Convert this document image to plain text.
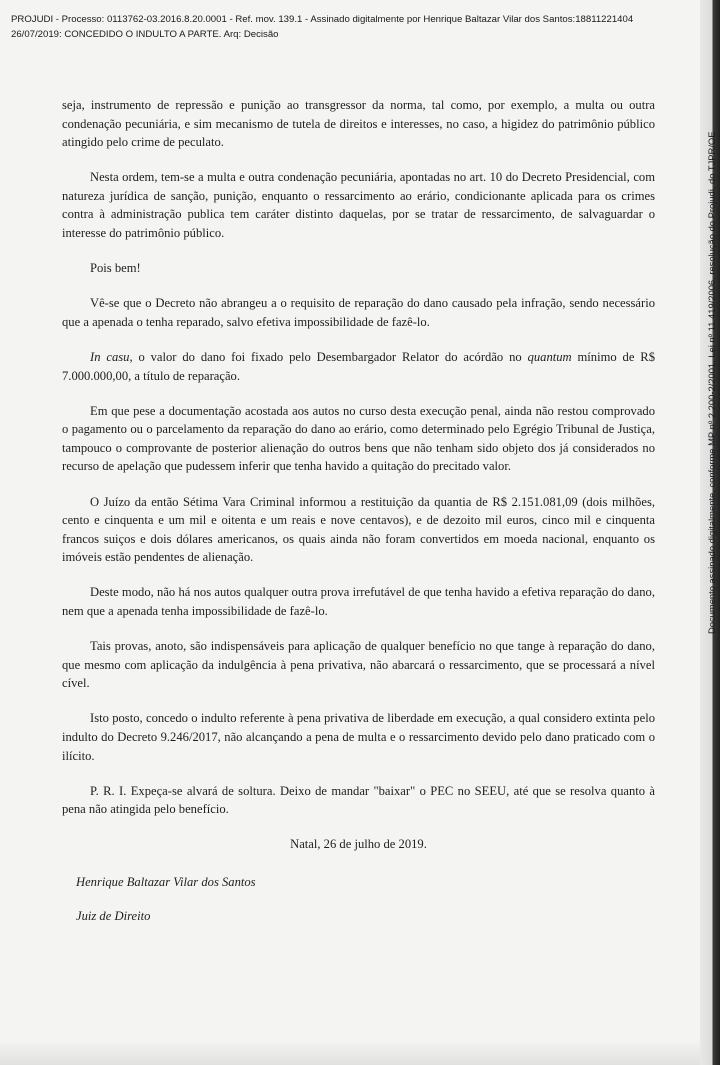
PROJUDI - Processo: 0113762-03.2016.8.20.0001 - Ref. mov. 139.1 - Assinado digitalmente por Henrique Baltazar Vilar dos Santos:18811221404
26/07/2019: CONCEDIDO O INDULTO A PARTE. Arq: Decisão

seja, instrumento de repressão e punição ao transgressor da norma, tal como, por exemplo, a multa ou outra condenação pecuniária, e sim mecanismo de tutela de direitos e interesses, no caso, a higidez do patrimônio público atingido pelo crime de peculato.

Nesta ordem, tem-se a multa e outra condenação pecuniária, apontadas no art. 10 do Decreto Presidencial, com natureza jurídica de sanção, punição, enquanto o ressarcimento ao erário, condicionante aplicada para os crimes contra à administração publica tem caráter distinto daquelas, por se tratar de ressarcimento, de salvaguardar o interesse do patrimônio público.

Pois bem!

Vê-se que o Decreto não abrangeu a o requisito de reparação do dano causado pela infração, sendo necessário que a apenada o tenha reparado, salvo efetiva impossibilidade de fazê-lo.

In casu, o valor do dano foi fixado pelo Desembargador Relator do acórdão no quantum mínimo de R$ 7.000.000,00, a título de reparação.

Em que pese a documentação acostada aos autos no curso desta execução penal, ainda não restou comprovado o pagamento ou o parcelamento da reparação do dano ao erário, como determinado pelo Egrégio Tribunal de Justiça, tampouco o comprovante de posterior alienação do outros bens que não tenham sido objeto dos já considerados no recurso de apelação que pudessem inferir que tenha havido a quitação do precitado valor.

O Juízo da então Sétima Vara Criminal informou a restituição da quantia de R$ 2.151.081,09 (dois milhões, cento e cinquenta e um mil e oitenta e um reais e nove centavos), e de dezoito mil euros, cinco mil e cinquenta francos suiços e dois dólares americanos, os quais ainda não foram convertidos em moeda nacional, enquanto os imóveis estão pendentes de alienação.

Deste modo, não há nos autos qualquer outra prova irrefutável de que tenha havido a efetiva reparação do dano, nem que a apenada tenha impossibilidade de fazê-lo.

Tais provas, anoto, são indispensáveis para aplicação de qualquer benefício no que tange à reparação do dano, que mesmo com aplicação da indulgência à pena privativa, não abarcará o ressarcimento, que se processará a nível cível.

Isto posto, concedo o indulto referente à pena privativa de liberdade em execução, a qual considero extinta pelo indulto do Decreto 9.246/2017, não alcançando a pena de multa e o ressarcimento devido pelo dano praticado com o ilícito.

P. R. I. Expeça-se alvará de soltura. Deixo de mandar "baixar" o PEC no SEEU, até que se resolva quanto à pena não atingida pelo benefício.

Natal, 26 de julho de 2019.

Henrique Baltazar Vilar dos Santos

Juiz de Direito

Documento assinado digitalmente, conforme MP nº 2.200-2/2001, Lei nº 11.419/2006, resolução do Projudi, do TJPR/OE
